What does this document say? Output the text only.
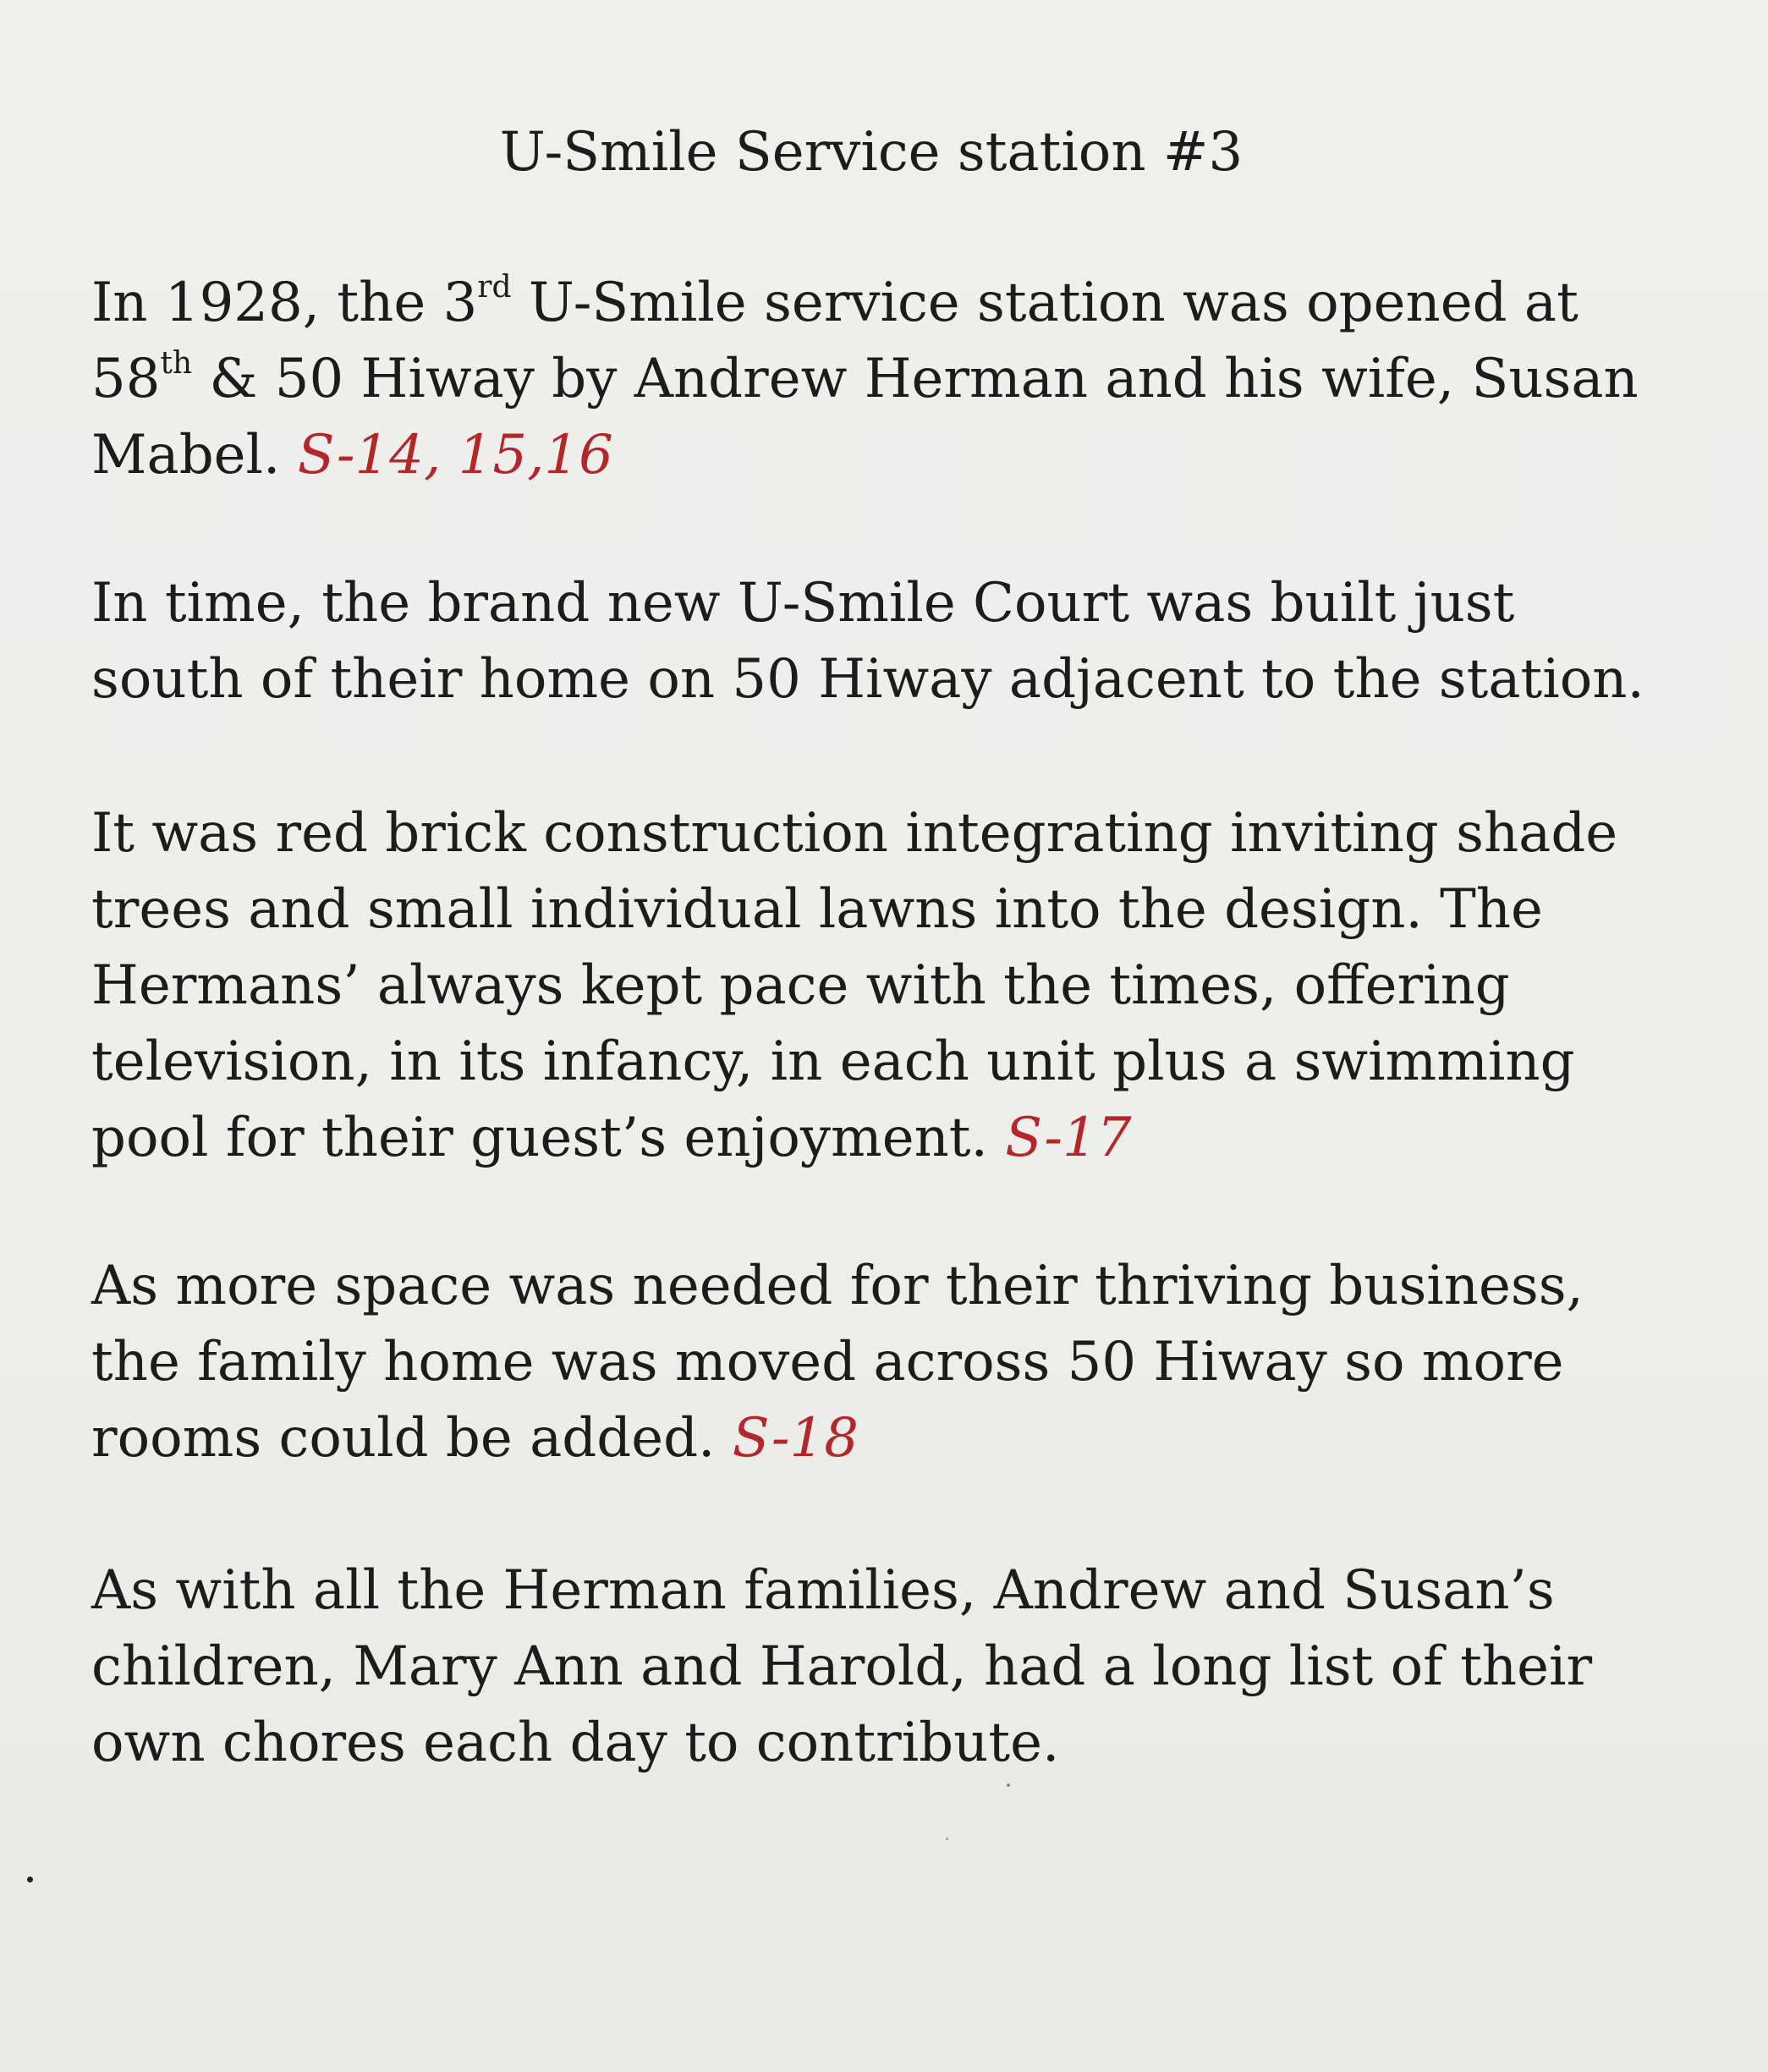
U-Smile Service station #3
In 1928, the 3rd U-Smile service station was opened at
58th & 50 Hiway by Andrew Herman and his wife, Susan
Mabel. S-14, 15,16
In time, the brand new U-Smile Court was built just
south of their home on 50 Hiway adjacent to the station.
It was red brick construction integrating inviting shade
trees and small individual lawns into the design. The
Hermans’ always kept pace with the times, offering
television, in its infancy, in each unit plus a swimming
pool for their guest’s enjoyment. S-17
As more space was needed for their thriving business,
the family home was moved across 50 Hiway so more
rooms could be added. S-18
As with all the Herman families, Andrew and Susan’s
children, Mary Ann and Harold, had a long list of their
own chores each day to contribute.
